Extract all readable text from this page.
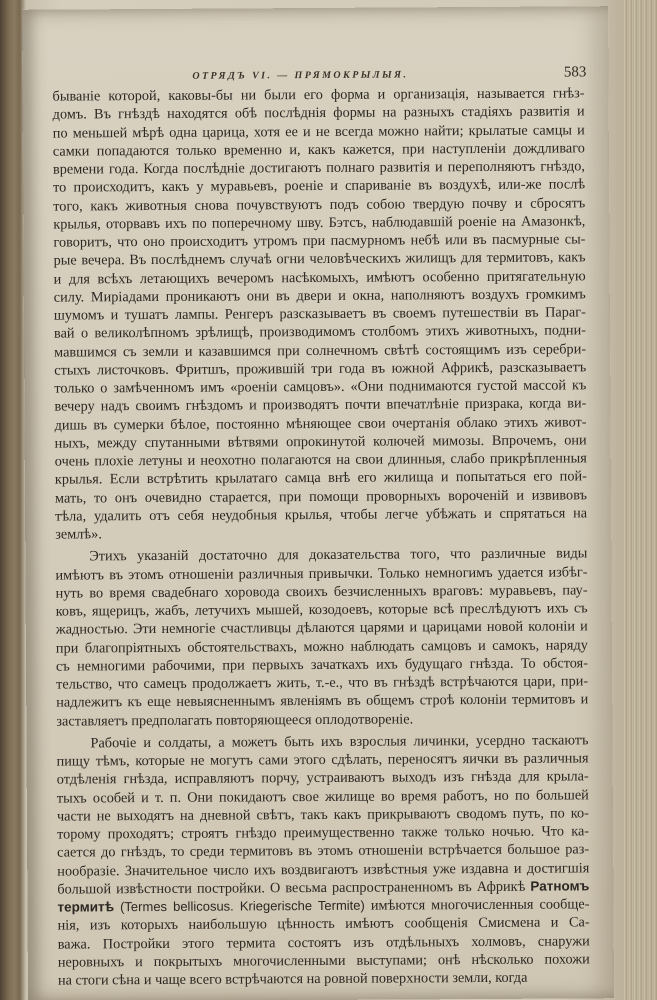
ОТРЯДЪ VI. — ПРЯМОКРЫЛЫЯ.	583
бываніе которой, каковы-бы ни были его форма и организація, называется гнѣз-
домъ. Въ гнѣздѣ находятся обѣ послѣднія формы на разныхъ стадіяхъ развитія и
по меньшей мѣрѣ одна царица, хотя ее и не всегда можно найти; крылатые самцы и
самки попадаются только временно и, какъ кажется, при наступленіи дождливаго
времени года. Когда послѣдніе достигаютъ полнаго развитія и переполняютъ гнѣздо,
то происходитъ, какъ у муравьевъ, роеніе и спариваніе въ воздухѣ, или-же послѣ
того, какъ животныя снова почувствуютъ подъ собою твердую почву и сбросятъ
крылья, оторвавъ ихъ по поперечному шву. Бэтсъ, наблюдавшій роеніе на Амазонкѣ,
говоритъ, что оно происходитъ утромъ при пасмурномъ небѣ или въ пасмурные сы-
рые вечера. Въ послѣднемъ случаѣ огни человѣческихъ жилищъ для термитовъ, какъ
и для всѣхъ летающихъ вечеромъ насѣкомыхъ, имѣютъ особенно притягательную
силу. Миріадами проникаютъ они въ двери и окна, наполняютъ воздухъ громкимъ
шумомъ и тушатъ лампы. Ренгеръ разсказываетъ въ своемъ путешествіи въ Параг-
вай о великолѣпномъ зрѣлищѣ, производимомъ столбомъ этихъ животныхъ, подни-
мавшимся съ земли и казавшимся при солнечномъ свѣтѣ состоящимъ изъ серебри-
стыхъ листочковъ. Фритшъ, прожившій три года въ южной Африкѣ, разсказываетъ
только о замѣченномъ имъ «роеніи самцовъ». «Они поднимаются густой массой къ
вечеру надъ своимъ гнѣздомъ и производятъ почти впечатлѣніе призрака, когда ви-
дишь въ сумерки бѣлое, постоянно мѣняющее свои очертанія облако этихъ живот-
ныхъ, между спутанными вѣтвями опрокинутой колючей мимозы. Впрочемъ, они
очень плохіе летуны и неохотно полагаются на свои длинныя, слабо прикрѣпленныя
крылья. Если встрѣтить крылатаго самца внѣ его жилища и попытаться его пой-
мать, то онъ очевидно старается, при помощи проворныхъ вороченій и извивовъ
тѣла, удалить отъ себя неудобныя крылья, чтобы легче убѣжать и спрятаться на
землѣ».
Этихъ указаній достаточно для доказательства того, что различные виды
имѣютъ въ этомъ отношеніи различныя привычки. Только немногимъ удается избѣг-
нуть во время свадебнаго хоровода своихъ безчисленныхъ враговъ: муравьевъ, пау-
ковъ, ящерицъ, жабъ, летучихъ мышей, козодоевъ, которые всѣ преслѣдуютъ ихъ съ
жадностью. Эти немногіе счастливцы дѣлаются царями и царицами новой колоніи и
при благопріятныхъ обстоятельствахъ, можно наблюдать самцовъ и самокъ, наряду
съ немногими рабочими, при первыхъ зачаткахъ ихъ будущаго гнѣзда. То обстоя-
тельство, что самецъ продолжаетъ жить, т.-е., что въ гнѣздѣ встрѣчаются цари, при-
надлежитъ къ еще невыясненнымъ явленіямъ въ общемъ строѣ колоніи термитовъ и
заставляетъ предполагать повторяющееся оплодотвореніе.
Рабочіе и солдаты, а можетъ быть ихъ взрослыя личинки, усердно таскаютъ
пищу тѣмъ, которые не могутъ сами этого сдѣлать, переносятъ яички въ различныя
отдѣленія гнѣзда, исправляютъ порчу, устраиваютъ выходъ изъ гнѣзда для крыла-
тыхъ особей и т. п. Они покидаютъ свое жилище во время работъ, но по большей
части не выходятъ на дневной свѣтъ, такъ какъ прикрываютъ сводомъ путь, по ко-
торому проходятъ; строятъ гнѣздо преимущественно также только ночью. Что ка-
сается до гнѣздъ, то среди термитовъ въ этомъ отношеніи встрѣчается большое раз-
нообразіе. Значительное число ихъ воздвигаютъ извѣстныя уже издавна и достигшія
большой извѣстности постройки. О весьма распространенномъ въ Африкѣ Ратномъ
термитѣ (Termes bellicosus. Kriegerische Termite) имѣются многочисленныя сообще-
нія, изъ которыхъ наибольшую цѣнность имѣютъ сообщенія Смисмена и Са-
важа. Постройки этого термита состоятъ изъ отдѣльныхъ холмовъ, снаружи
неровныхъ и покрытыхъ многочисленными выступами; онѣ нѣсколько похожи
на стоги сѣна и чаще всего встрѣчаются на ровной поверхности земли, когда
